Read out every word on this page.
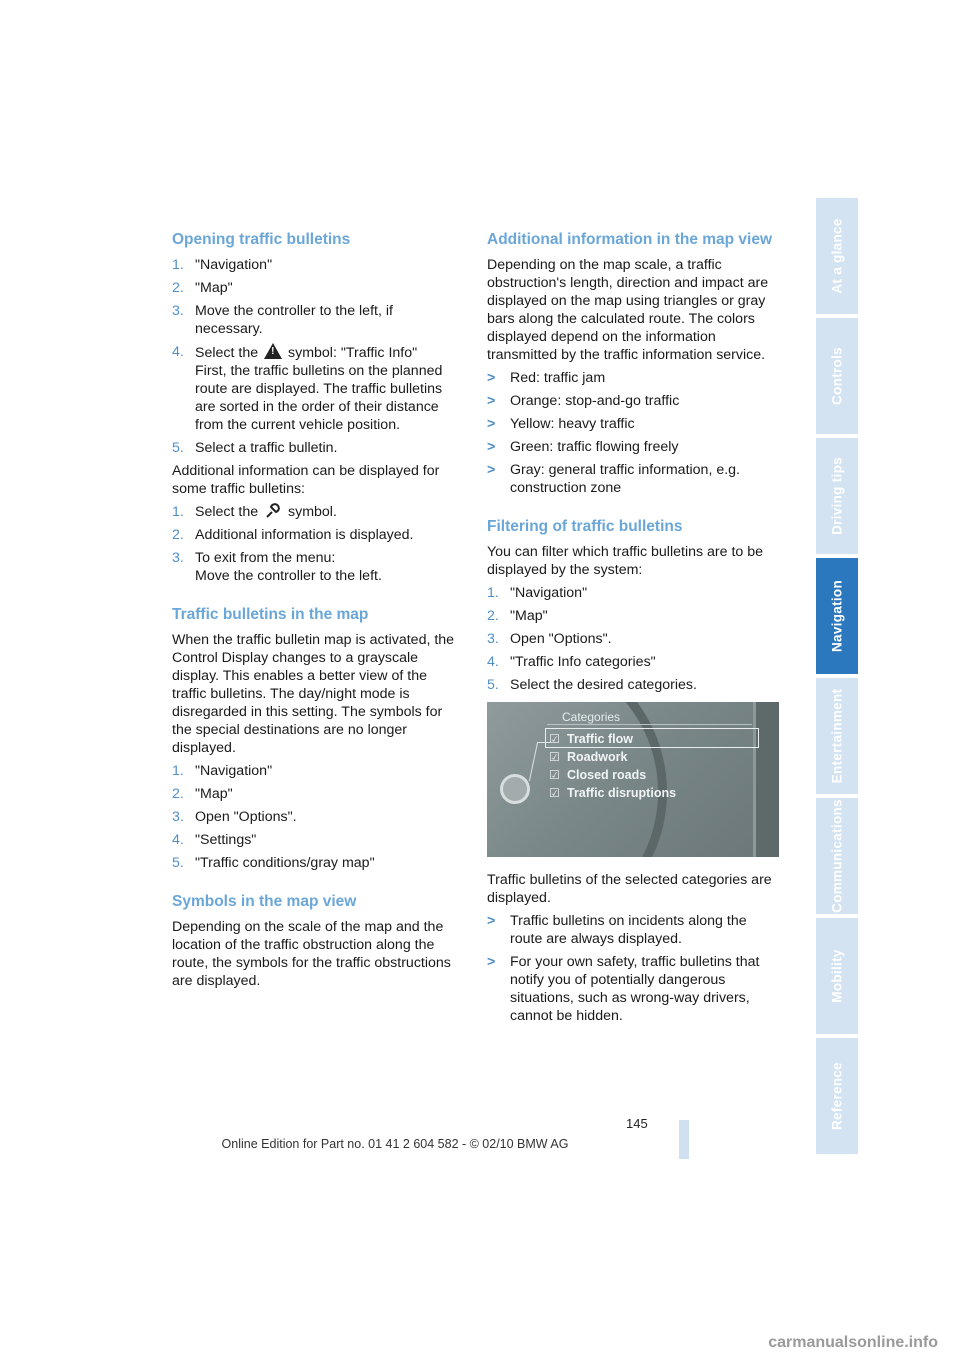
Opening traffic bulletins
1. "Navigation"
2. "Map"
3. Move the controller to the left, if necessary.
4. Select the ! symbol: "Traffic Info"
First, the traffic bulletins on the planned route are displayed. The traffic bulletins are sorted in the order of their distance from the current vehicle position.
5. Select a traffic bulletin.

Additional information can be displayed for some traffic bulletins:

1. Select the symbol.
2. Additional information is displayed.
3. To exit from the menu:
Move the controller to the left.
Traffic bulletins in the map

When the traffic bulletin map is activated, the Control Display changes to a grayscale display. This enables a better view of the traffic bulletins. The day/night mode is disregarded in this setting. The symbols for the special destinations are no longer displayed.

1. "Navigation"
2. "Map"
3. Open "Options".
4. "Settings"
5. "Traffic conditions/gray map"
Symbols in the map view

Depending on the scale of the map and the location of the traffic obstruction along the route, the symbols for the traffic obstructions are displayed.

Additional information in the map view

Depending on the map scale, a traffic obstruction's length, direction and impact are displayed on the map using triangles or gray bars along the calculated route. The colors displayed depend on the information transmitted by the traffic information service.

> Red: traffic jam
> Orange: stop-and-go traffic
> Yellow: heavy traffic
> Green: traffic flowing freely
> Gray: general traffic information, e.g. construction zone
Filtering of traffic bulletins

You can filter which traffic bulletins are to be displayed by the system:

1. "Navigation"
2. "Map"
3. Open "Options".
4. "Traffic Info categories"
5. Select the desired categories.
Categories
☑ Traffic flow
☑ Roadwork
☑ Closed roads
☑ Traffic disruptions

Traffic bulletins of the selected categories are displayed.

> Traffic bulletins on incidents along the route are always displayed.
> For your own safety, traffic bulletins that notify you of potentially dangerous situations, such as wrong-way drivers, cannot be hidden.
At a glance
Controls
Driving tips
Navigation
Entertainment
Communications
Mobility
Reference
145
Online Edition for Part no. 01 41 2 604 582 - © 02/10 BMW AG
carmanualsonline.info
